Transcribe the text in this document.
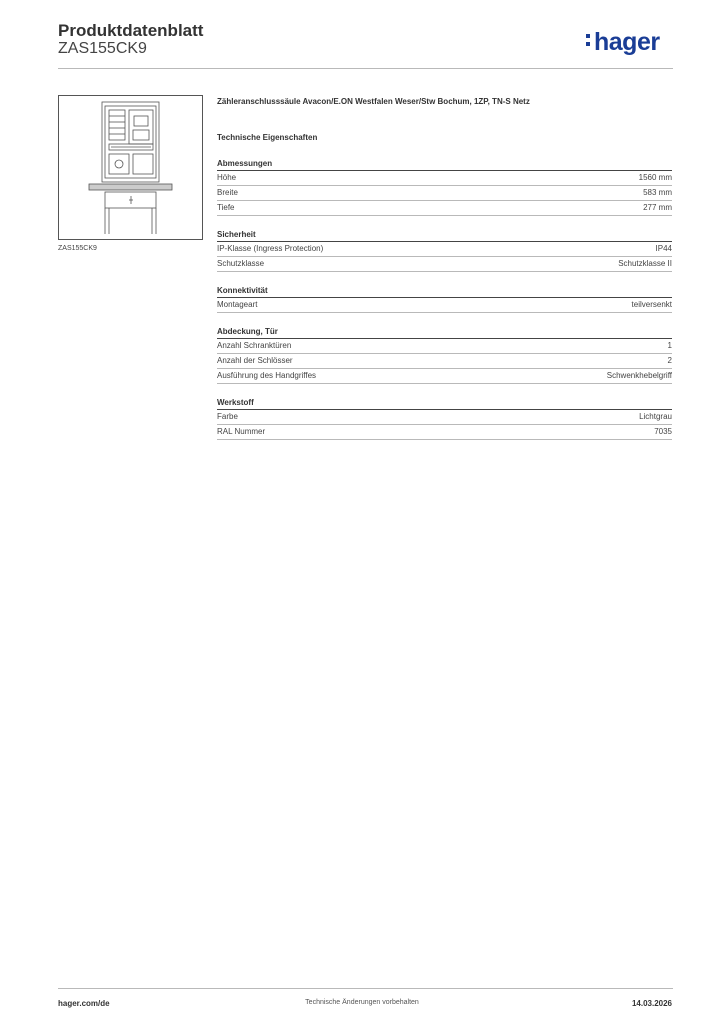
Produktdatenblatt
ZAS155CK9	hager
ZAS155CK9
Zähleranschlusssäule Avacon/E.ON Westfalen Weser/Stw Bochum, 1ZP, TN-S Netz
Technische Eigenschaften
Abmessungen
Höhe	1560 mm
Breite	583 mm
Tiefe	277 mm
Sicherheit
IP-Klasse (Ingress Protection)	IP44
Schutzklasse	Schutzklasse II
Konnektivität
Montageart	teilversenkt
Abdeckung, Tür
Anzahl Schranktüren	1
Anzahl der Schlösser	2
Ausführung des Handgriffes	Schwenkhebelgriff
Werkstoff
Farbe	Lichtgrau
RAL Nummer	7035
hager.com/de	Technische Änderungen vorbehalten	14.03.2026
